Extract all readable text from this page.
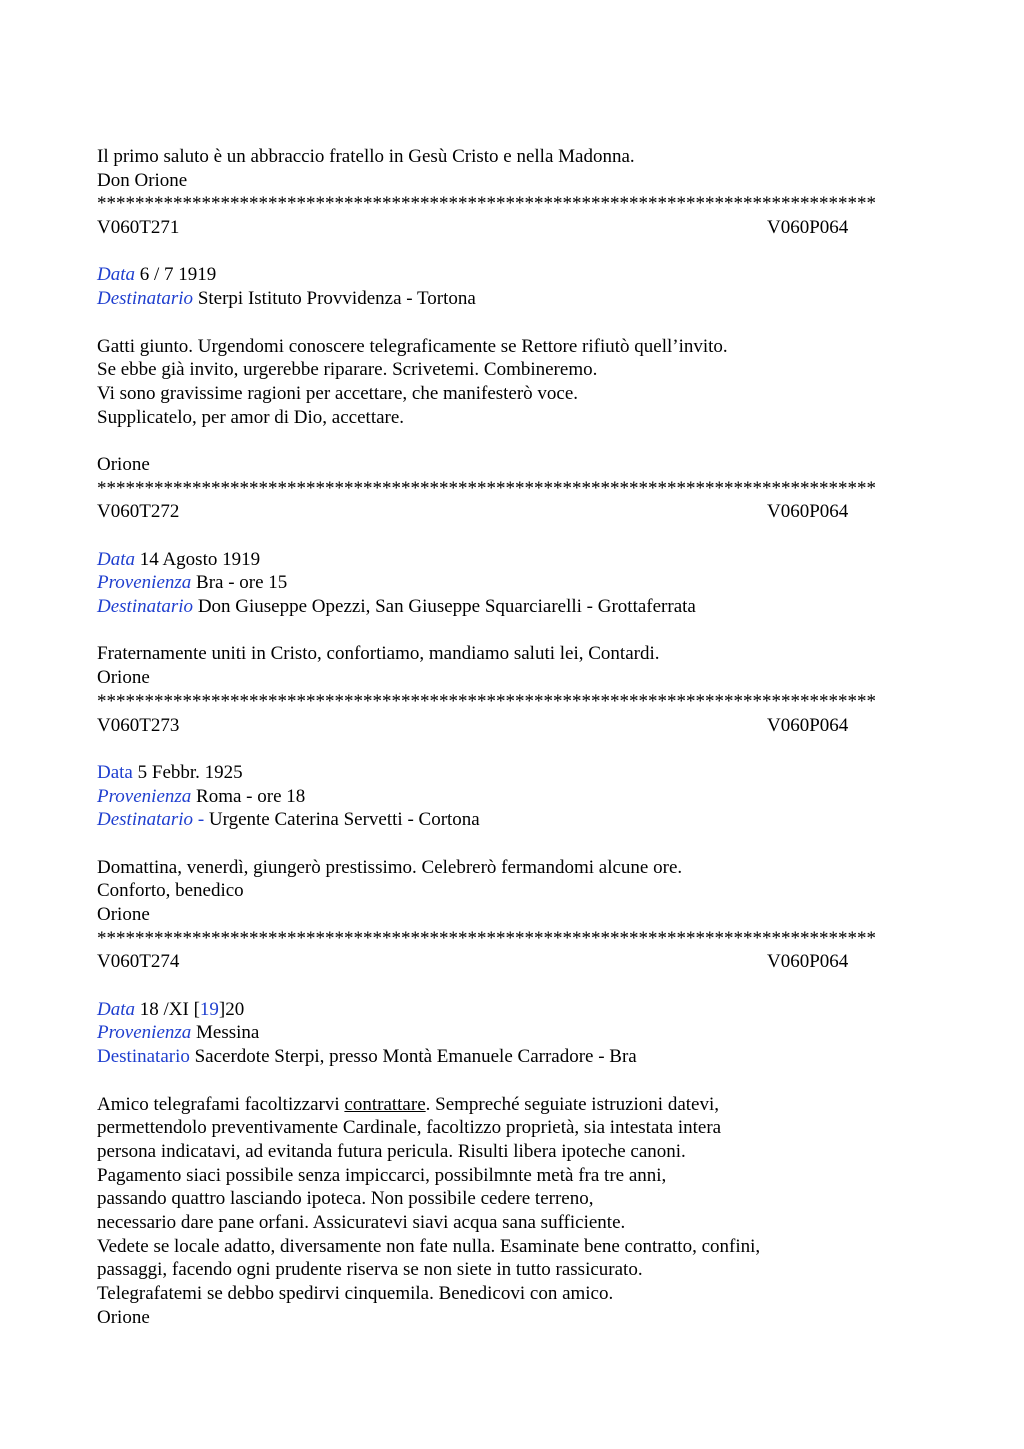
Il primo saluto è un abbraccio fratello in Gesù Cristo e nella Madonna.
Don Orione
**********************************************************************************
V060T271	V060P064
Data 6 / 7 1919
Destinatario Sterpi Istituto Provvidenza - Tortona
Gatti giunto. Urgendomi conoscere telegraficamente se Rettore rifiutò quell’invito.
Se ebbe già invito, urgerebbe riparare. Scrivetemi. Combineremo.
Vi sono gravissime ragioni per accettare, che manifesterò voce.
Supplicatelo, per amor di Dio, accettare.
Orione
**********************************************************************************
V060T272	V060P064
Data 14 Agosto 1919
Provenienza Bra - ore 15
Destinatario Don Giuseppe Opezzi, San Giuseppe Squarciarelli - Grottaferrata
Fraternamente uniti in Cristo, confortiamo, mandiamo saluti lei, Contardi.
Orione
**********************************************************************************
V060T273	V060P064
Data 5 Febbr. 1925
Provenienza Roma - ore 18
Destinatario - Urgente Caterina Servetti - Cortona
Domattina, venerdì, giungerò prestissimo. Celebrerò fermandomi alcune ore.
Conforto, benedico
Orione
**********************************************************************************
V060T274	V060P064
Data 18 /XI [19]20
Provenienza Messina
Destinatario Sacerdote Sterpi, presso Montà Emanuele Carradore - Bra
Amico telegrafami facoltizzarvi contrattare. Sempreché seguiate istruzioni datevi,
permettendolo preventivamente Cardinale, facoltizzo proprietà, sia intestata intera
persona indicatavi, ad evitanda futura pericula. Risulti libera ipoteche canoni.
Pagamento siaci possibile senza impiccarci, possibilmnte metà fra tre anni,
passando quattro lasciando ipoteca. Non possibile cedere terreno,
necessario dare pane orfani. Assicuratevi siavi acqua sana sufficiente.
Vedete se locale adatto, diversamente non fate nulla. Esaminate bene contratto, confini,
passaggi, facendo ogni prudente riserva se non siete in tutto rassicurato.
Telegrafatemi se debbo spedirvi cinquemila. Benedicovi con amico.
Orione
